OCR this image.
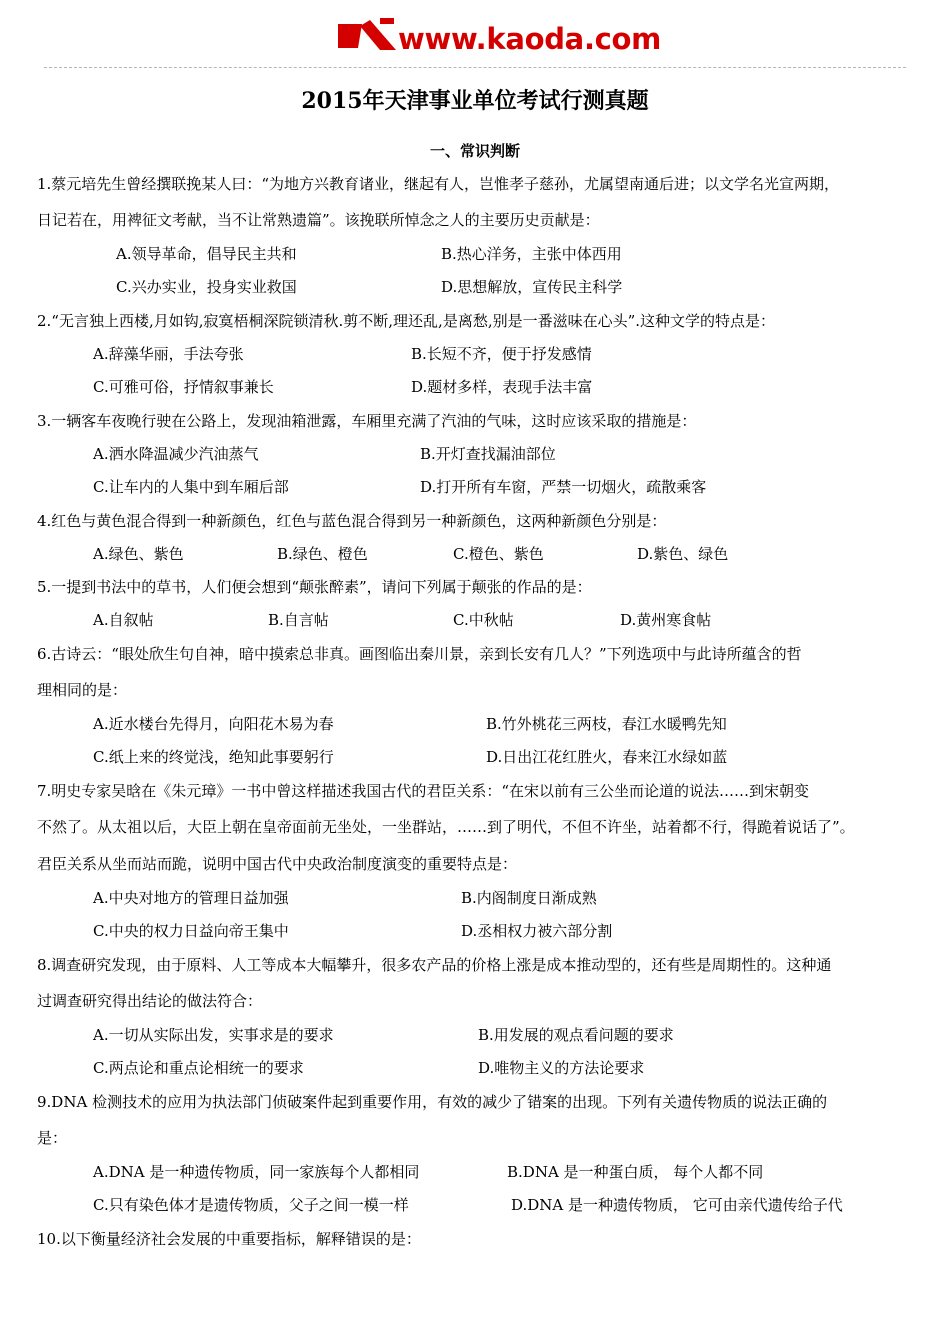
www.kaoda.com
2015年天津事业单位考试行测真题
一、常识判断
1.蔡元培先生曾经撰联挽某人曰：“为地方兴教育诸业，继起有人，岂惟孝子慈孙，尤属望南通后进；以文学名光宣两期，
日记若在，用裨征文考献，当不让常熟遗篇”。该挽联所悼念之人的主要历史贡献是：
A.领导革命，倡导民主共和	B.热心洋务，主张中体西用
C.兴办实业，投身实业救国	D.思想解放，宣传民主科学
2.“无言独上西楼,月如钩,寂寞梧桐深院锁清秋.剪不断,理还乱,是离愁,别是一番滋味在心头”.这种文学的特点是：
A.辞藻华丽，手法夸张	B.长短不齐，便于抒发感情
C.可雅可俗，抒情叙事兼长	D.题材多样，表现手法丰富
3.一辆客车夜晚行驶在公路上，发现油箱泄露，车厢里充满了汽油的气味，这时应该采取的措施是：
A.洒水降温减少汽油蒸气	B.开灯查找漏油部位
C.让车内的人集中到车厢后部	D.打开所有车窗，严禁一切烟火，疏散乘客
4.红色与黄色混合得到一种新颜色，红色与蓝色混合得到另一种新颜色，这两种新颜色分别是：
A.绿色、紫色	B.绿色、橙色	C.橙色、紫色	D.紫色、绿色
5.一提到书法中的草书，人们便会想到“颠张醉素”，请问下列属于颠张的作品的是：
A.自叙帖	B.自言帖	C.中秋帖	D.黄州寒食帖
6.古诗云：“眼处欣生句自神，暗中摸索总非真。画图临出秦川景，亲到长安有几人？”下列选项中与此诗所蕴含的哲
理相同的是：
A.近水楼台先得月，向阳花木易为春	B.竹外桃花三两枝，春江水暖鸭先知
C.纸上来的终觉浅，绝知此事要躬行	D.日出江花红胜火，春来江水绿如蓝
7.明史专家吴晗在《朱元璋》一书中曾这样描述我国古代的君臣关系：“在宋以前有三公坐而论道的说法……到宋朝变
不然了。从太祖以后，大臣上朝在皇帝面前无坐处，一坐群站，……到了明代，不但不许坐，站着都不行，得跪着说话了”。
君臣关系从坐而站而跪，说明中国古代中央政治制度演变的重要特点是：
A.中央对地方的管理日益加强	B.内阁制度日渐成熟
C.中央的权力日益向帝王集中	D.丞相权力被六部分割
8.调查研究发现，由于原料、人工等成本大幅攀升，很多农产品的价格上涨是成本推动型的，还有些是周期性的。这种通
过调查研究得出结论的做法符合：
A.一切从实际出发，实事求是的要求	B.用发展的观点看问题的要求
C.两点论和重点论相统一的要求	D.唯物主义的方法论要求
9.DNA 检测技术的应用为执法部门侦破案件起到重要作用，有效的减少了错案的出现。下列有关遗传物质的说法正确的
是：
A.DNA 是一种遗传物质，同一家族每个人都相同	B.DNA 是一种蛋白质， 每个人都不同
C.只有染色体才是遗传物质，父子之间一模一样	D.DNA 是一种遗传物质， 它可由亲代遗传给子代
10.以下衡量经济社会发展的中重要指标，解释错误的是：
